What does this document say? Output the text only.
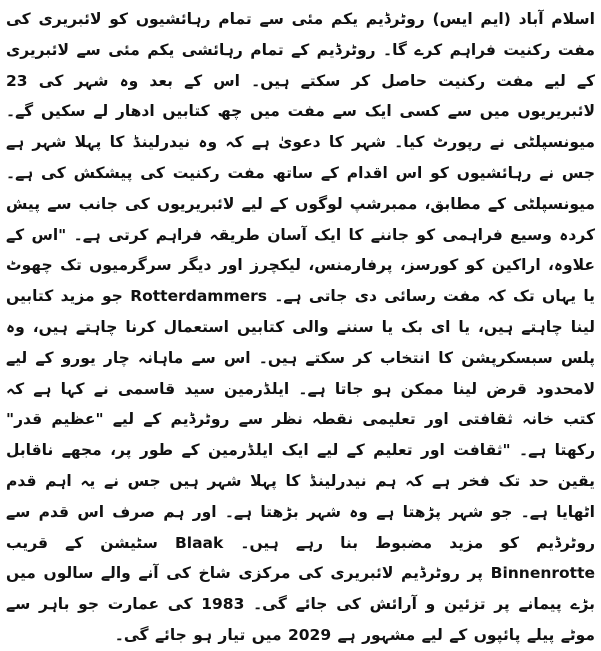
اسلام آباد (ایم ایس) روٹرڈیم یکم مئی سے تمام رہائشیوں کو لائبریری کی مفت رکنیت فراہم کرے گا۔ روٹرڈیم کے تمام رہائشی یکم مئی سے لائبریری کے لیے مفت رکنیت حاصل کر سکتے ہیں۔ اس کے بعد وہ شہر کی 23 لائبریریوں میں سے کسی ایک سے مفت میں چھ کتابیں ادھار لے سکیں گے۔ میونسپلٹی نے رپورٹ کیا۔ شہر کا دعویٰ ہے کہ وہ نیدرلینڈ کا پہلا شہر ہے جس نے رہائشیوں کو اس اقدام کے ساتھ مفت رکنیت کی پیشکش کی ہے۔ میونسپلٹی کے مطابق، ممبرشپ لوگوں کے لیے لائبریریوں کی جانب سے پیش کردہ وسیع فراہمی کو جاننے کا ایک آسان طریقہ فراہم کرتی ہے۔ "اس کے علاوہ، اراکین کو کورسز، پرفارمنس، لیکچرز اور دیگر سرگرمیوں تک چھوٹ یا یہاں تک کہ مفت رسائی دی جاتی ہے۔ Rotterdammers جو مزید کتابیں لینا چاہتے ہیں، یا ای بک یا سننے والی کتابیں استعمال کرنا چاہتے ہیں، وہ پلس سبسکرپشن کا انتخاب کر سکتے ہیں۔ اس سے ماہانہ چار یورو کے لیے لامحدود قرض لینا ممکن ہو جاتا ہے۔ ایلڈرمین سید قاسمی نے کہا ہے کہ کتب خانہ ثقافتی اور تعلیمی نقطہ نظر سے روٹرڈیم کے لیے "عظیم قدر" رکھتا ہے۔ "ثقافت اور تعلیم کے لیے ایک ایلڈرمین کے طور پر، مجھے ناقابل یقین حد تک فخر ہے کہ ہم نیدرلینڈ کا پہلا شہر ہیں جس نے یہ اہم قدم اٹھایا ہے۔ جو شہر پڑھتا ہے وہ شہر بڑھتا ہے۔ اور ہم صرف اس قدم سے روٹرڈیم کو مزید مضبوط بنا رہے ہیں۔ Blaak سٹیشن کے قریب Binnenrotte پر روٹرڈیم لائبریری کی مرکزی شاخ کی آنے والے سالوں میں بڑے پیمانے پر تزئین و آرائش کی جائے گی۔ 1983 کی عمارت جو باہر سے موٹے پیلے پائپوں کے لیے مشہور ہے 2029 میں تیار ہو جائے گی۔
